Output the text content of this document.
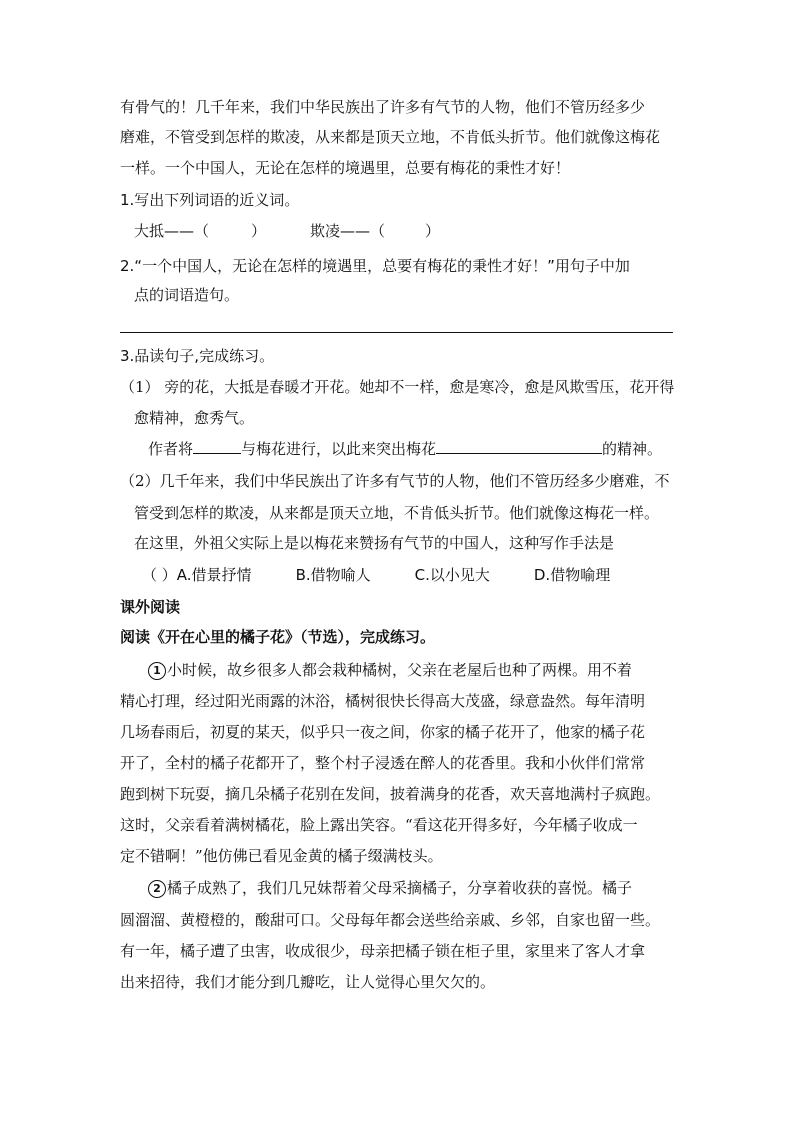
有骨气的！几千年来，我们中华民族出了许多有气节的人物，他们不管历经多少
磨难，不管受到怎样的欺凌，从来都是顶天立地，不肯低头折节。他们就像这梅花
一样。一个中国人，无论在怎样的境遇里，总要有梅花的秉性才好！
1.写出下列词语的近义词。
大抵——（	）	欺凌——（	）
2.“一个中国人，无论在怎样的境遇里，总要有梅花的秉性才好！”用句子中加
点的词语造句。
3.品读句子,完成练习。
（1） 旁的花，大抵是春暖才开花。她却不一样，愈是寒冷，愈是风欺雪压，花开得
愈精神，愈秀气。
作者将	与梅花进行，以此来突出梅花	的精神。
（2）几千年来，我们中华民族出了许多有气节的人物，他们不管历经多少磨难，不
管受到怎样的欺凌，从来都是顶天立地，不肯低头折节。他们就像这梅花一样。
在这里，外祖父实际上是以梅花来赞扬有气节的中国人，这种写作手法是
（ ）A.借景抒情	B.借物喻人	C.以小见大	D.借物喻理
课外阅读
阅读《开在心里的橘子花》（节选），完成练习。
1 小时候，故乡很多人都会栽种橘树，父亲在老屋后也种了两棵。用不着
精心打理，经过阳光雨露的沐浴，橘树很快长得高大茂盛，绿意盎然。每年清明
几场春雨后，初夏的某天，似乎只一夜之间，你家的橘子花开了，他家的橘子花
开了，全村的橘子花都开了，整个村子浸透在醉人的花香里。我和小伙伴们常常
跑到树下玩耍，摘几朵橘子花别在发间，披着满身的花香，欢天喜地满村子疯跑。
这时，父亲看着满树橘花，脸上露出笑容。“看这花开得多好，今年橘子收成一
定不错啊！”他仿佛已看见金黄的橘子缀满枝头。
2 橘子成熟了，我们几兄妹帮着父母采摘橘子，分享着收获的喜悦。橘子
圆溜溜、黄橙橙的，酸甜可口。父母每年都会送些给亲戚、乡邻，自家也留一些。
有一年，橘子遭了虫害，收成很少，母亲把橘子锁在柜子里，家里来了客人才拿
出来招待，我们才能分到几瓣吃，让人觉得心里欠欠的。
